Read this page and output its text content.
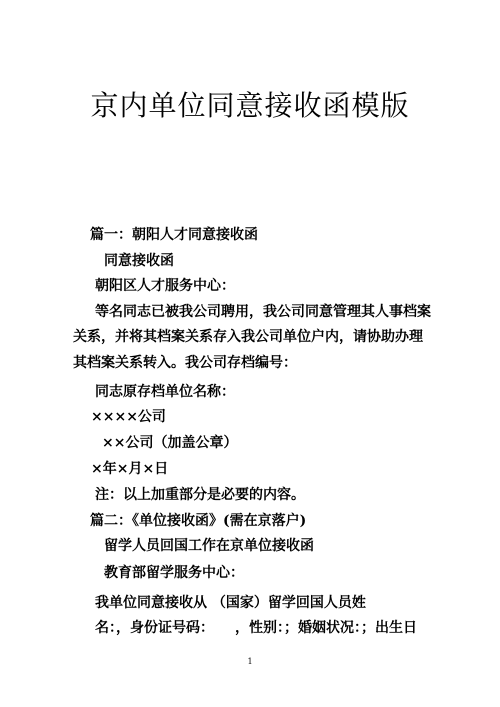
京内单位同意接收函模版

篇一：朝阳人才同意接收函

同意接收函

朝阳区人才服务中心：

等名同志已被我公司聘用，我公司同意管理其人事档案

关系，并将其档案关系存入我公司单位户内，请协助办理

其档案关系转入。我公司存档编号：

同志原存档单位名称：

××××公司

××公司（加盖公章）

×年×月×日

注：以上加重部分是必要的内容。

篇二：《单位接收函》(需在京落户)

留学人员回国工作在京单位接收函

教育部留学服务中心：

我单位同意接收从 （国家）留学回国人员姓

名：，身份证号码：　　，性别：；婚姻状况：；出生日

1
